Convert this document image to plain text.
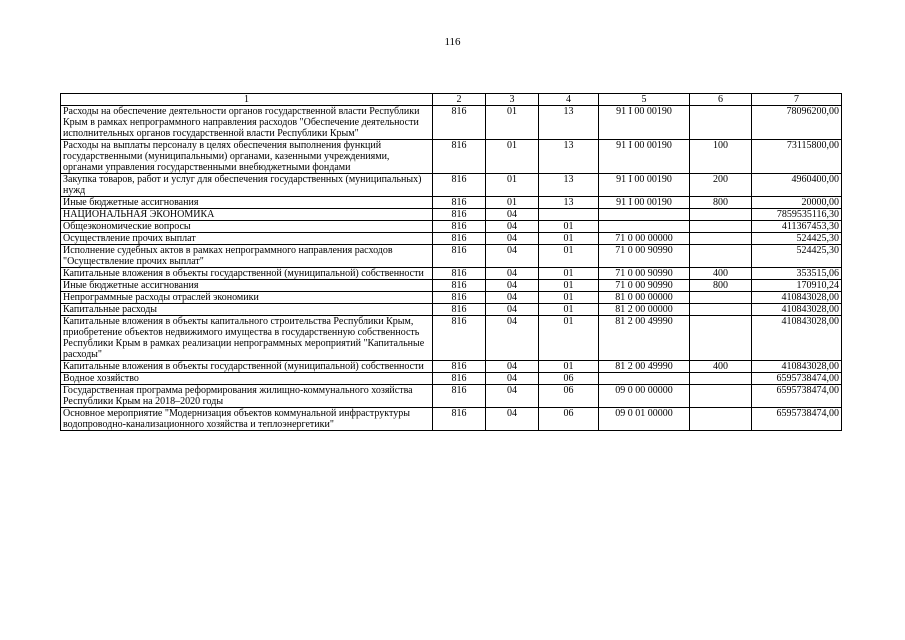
116
1	2	3	4	5	6	7
Расходы на обеспечение деятельности органов государственной власти Республики Крым в рамках непрограммного направления расходов "Обеспечение деятельности исполнительных органов государственной власти Республики Крым"	816	01	13	91 I 00 00190		78096200,00
Расходы на выплаты персоналу в целях обеспечения выполнения функций государственными (муниципальными) органами, казенными учреждениями, органами управления государственными внебюджетными фондами	816	01	13	91 I 00 00190	100	73115800,00
Закупка товаров, работ и услуг для обеспечения государственных (муниципальных) нужд	816	01	13	91 I 00 00190	200	4960400,00
Иные бюджетные ассигнования	816	01	13	91 I 00 00190	800	20000,00
НАЦИОНАЛЬНАЯ ЭКОНОМИКА	816	04				7859535116,30
Общеэкономические вопросы	816	04	01			411367453,30
Осуществление прочих выплат	816	04	01	71 0 00 00000		524425,30
Исполнение судебных актов в рамках непрограммного направления расходов "Осуществление прочих выплат"	816	04	01	71 0 00 90990		524425,30
Капитальные вложения в объекты государственной (муниципальной) собственности	816	04	01	71 0 00 90990	400	353515,06
Иные бюджетные ассигнования	816	04	01	71 0 00 90990	800	170910,24
Непрограммные расходы отраслей экономики	816	04	01	81 0 00 00000		410843028,00
Капитальные расходы	816	04	01	81 2 00 00000		410843028,00
Капитальные вложения в объекты капитального строительства Республики Крым, приобретение объектов недвижимого имущества в государственную собственность Республики Крым в рамках реализации непрограммных мероприятий "Капитальные расходы"	816	04	01	81 2 00 49990		410843028,00
Капитальные вложения в объекты государственной (муниципальной) собственности	816	04	01	81 2 00 49990	400	410843028,00
Водное хозяйство	816	04	06			6595738474,00
Государственная программа реформирования жилищно-коммунального хозяйства Республики Крым на 2018–2020 годы	816	04	06	09 0 00 00000		6595738474,00
Основное мероприятие "Модернизация объектов коммунальной инфраструктуры водопроводно-канализационного хозяйства и теплоэнергетики"	816	04	06	09 0 01 00000		6595738474,00
